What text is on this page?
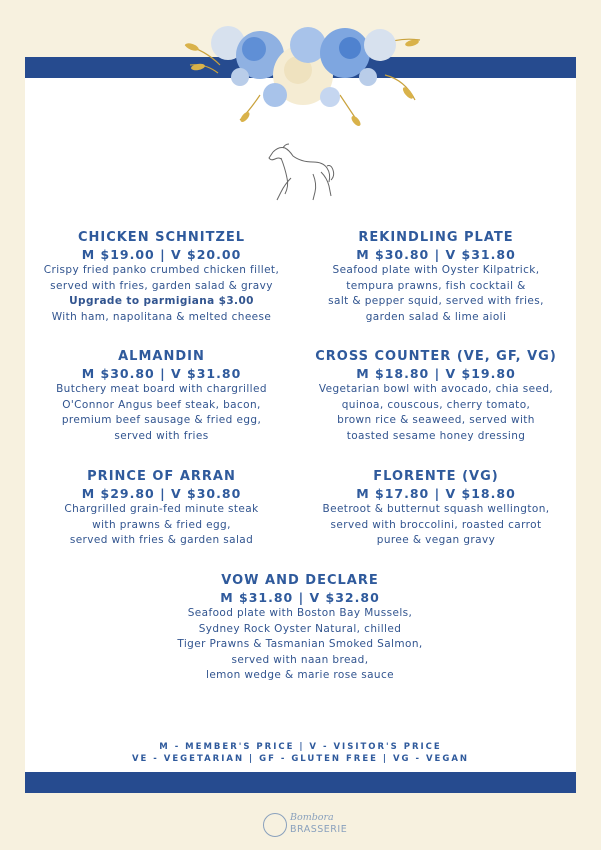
CHICKEN SCHNITZEL
M $19.00 | V $20.00
Crispy fried panko crumbed chicken fillet,
served with fries, garden salad & gravy
Upgrade to parmigiana $3.00
With ham, napolitana & melted cheese
ALMANDIN
M $30.80 | V $31.80
Butchery meat board with chargrilled
O'Connor Angus beef steak, bacon,
premium beef sausage & fried egg,
served with fries
PRINCE OF ARRAN
M $29.80 | V $30.80
Chargrilled grain-fed minute steak
with prawns & fried egg,
served with fries & garden salad
REKINDLING PLATE
M $30.80 | V $31.80
Seafood plate with Oyster Kilpatrick,
tempura prawns, fish cocktail &
salt & pepper squid, served with fries,
garden salad & lime aioli
CROSS COUNTER (VE, GF, VG)
M $18.80 | V $19.80
Vegetarian bowl with avocado, chia seed,
quinoa, couscous, cherry tomato,
brown rice & seaweed, served with
toasted sesame honey dressing
FLORENTE (VG)
M $17.80 | V $18.80
Beetroot & butternut squash wellington,
served with broccolini, roasted carrot
puree & vegan gravy
VOW AND DECLARE
M $31.80 | V $32.80
Seafood plate with Boston Bay Mussels,
Sydney Rock Oyster Natural, chilled
Tiger Prawns & Tasmanian Smoked Salmon,
served with naan bread,
lemon wedge & marie rose sauce
M - MEMBER'S PRICE | V - VISITOR'S PRICE
VE - VEGETARIAN | GF - GLUTEN FREE | VG - VEGAN
Bombora
BRASSERIE
